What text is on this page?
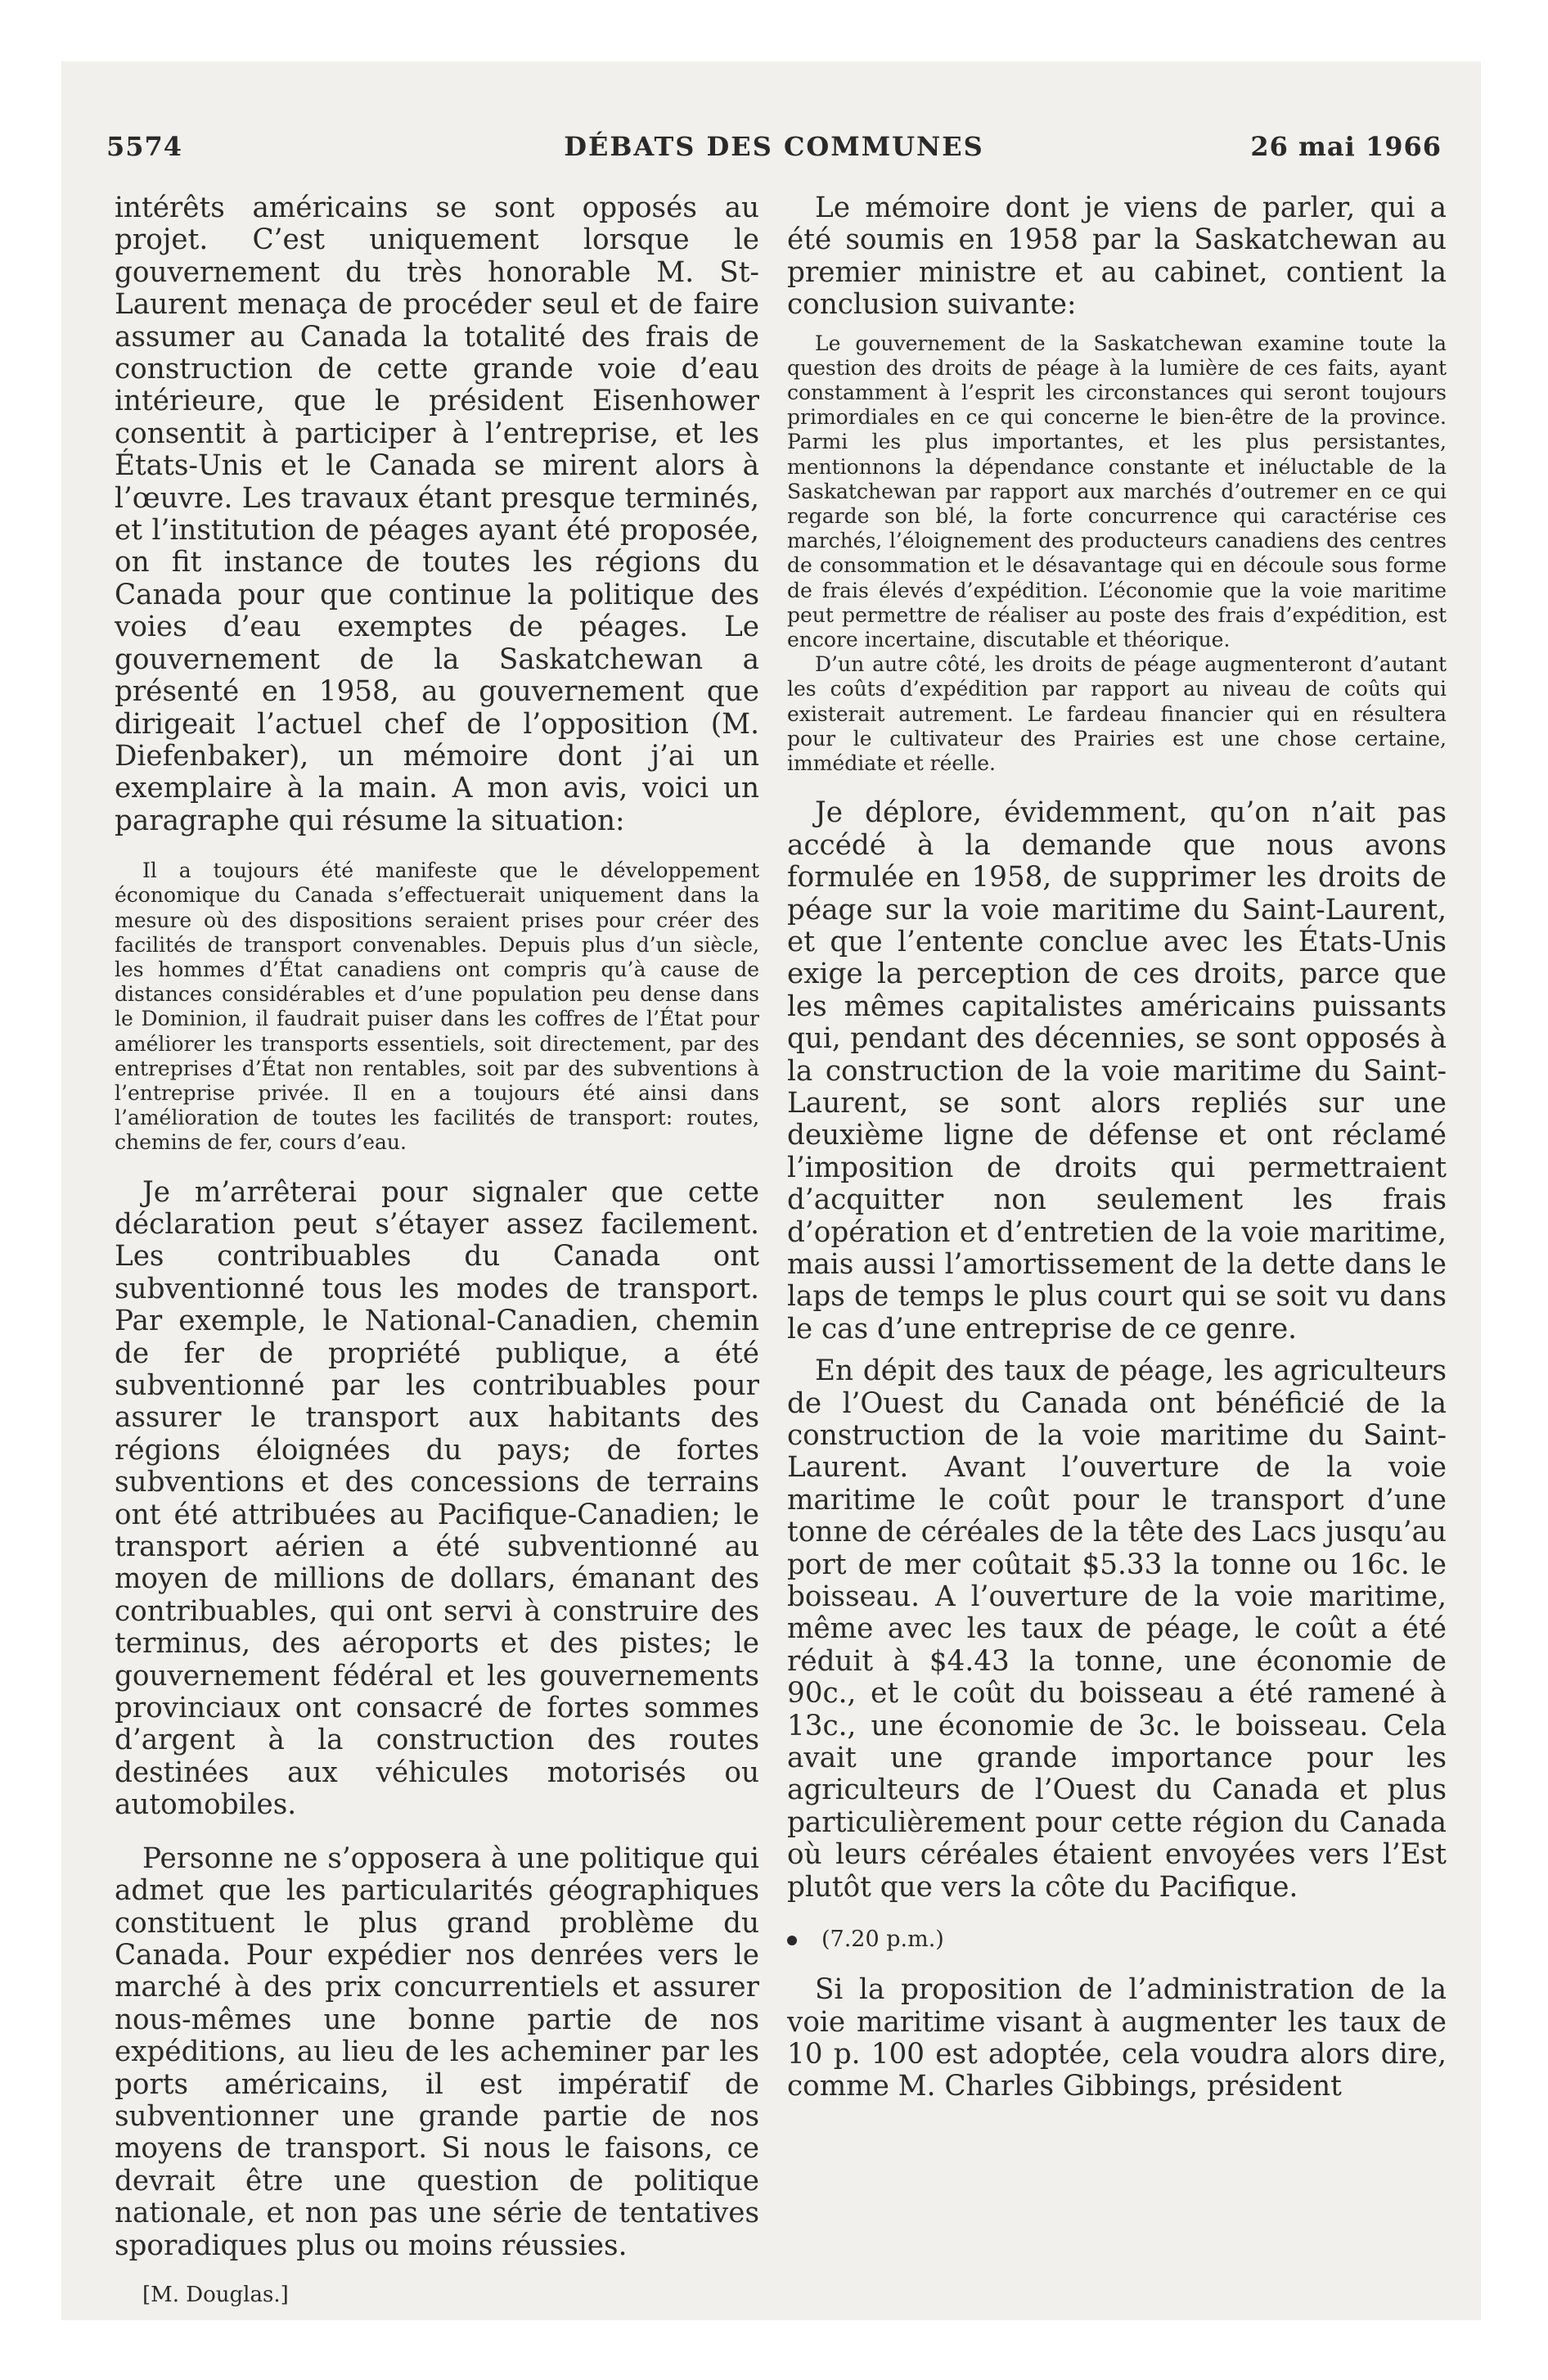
DÉBATS DES COMMUNES
5574	26 mai 1966

intérêts américains se sont opposés au projet. C’est uniquement lorsque le gouvernement du très honorable M. St-Laurent menaça de procéder seul et de faire assumer au Canada la totalité des frais de construction de cette grande voie d’eau intérieure, que le président Eisenhower consentit à participer à l’entreprise, et les États-Unis et le Canada se mirent alors à l’œuvre. Les travaux étant presque terminés, et l’institution de péages ayant été proposée, on fit instance de toutes les régions du Canada pour que continue la politique des voies d’eau exemptes de péages. Le gouvernement de la Saskatchewan a présenté en 1958, au gouvernement que dirigeait l’actuel chef de l’opposition (M. Diefenbaker), un mémoire dont j’ai un exemplaire à la main. A mon avis, voici un paragraphe qui résume la situation:

Il a toujours été manifeste que le développement économique du Canada s’effectuerait uniquement dans la mesure où des dispositions seraient prises pour créer des facilités de transport convenables. Depuis plus d’un siècle, les hommes d’État canadiens ont compris qu’à cause de distances considérables et d’une population peu dense dans le Dominion, il faudrait puiser dans les coffres de l’État pour améliorer les transports essentiels, soit directement, par des entreprises d’État non rentables, soit par des subventions à l’entreprise privée. Il en a toujours été ainsi dans l’amélioration de toutes les facilités de transport: routes, chemins de fer, cours d’eau.

Je m’arrêterai pour signaler que cette déclaration peut s’étayer assez facilement. Les contribuables du Canada ont subventionné tous les modes de transport. Par exemple, le National-Canadien, chemin de fer de propriété publique, a été subventionné par les contribuables pour assurer le transport aux habitants des régions éloignées du pays; de fortes subventions et des concessions de terrains ont été attribuées au Pacifique-Canadien; le transport aérien a été subventionné au moyen de millions de dollars, émanant des contribuables, qui ont servi à construire des terminus, des aéroports et des pistes; le gouvernement fédéral et les gouvernements provinciaux ont consacré de fortes sommes d’argent à la construction des routes destinées aux véhicules motorisés ou automobiles.

Personne ne s’opposera à une politique qui admet que les particularités géographiques constituent le plus grand problème du Canada. Pour expédier nos denrées vers le marché à des prix concurrentiels et assurer nous-mêmes une bonne partie de nos expéditions, au lieu de les acheminer par les ports américains, il est impératif de subventionner une grande partie de nos moyens de transport. Si nous le faisons, ce devrait être une question de politique nationale, et non pas une série de tentatives sporadiques plus ou moins réussies.

[M. Douglas.]

Le mémoire dont je viens de parler, qui a été soumis en 1958 par la Saskatchewan au premier ministre et au cabinet, contient la conclusion suivante:

Le gouvernement de la Saskatchewan examine toute la question des droits de péage à la lumière de ces faits, ayant constamment à l’esprit les circonstances qui seront toujours primordiales en ce qui concerne le bien-être de la province. Parmi les plus importantes, et les plus persistantes, mentionnons la dépendance constante et inéluctable de la Saskatchewan par rapport aux marchés d’outremer en ce qui regarde son blé, la forte concurrence qui caractérise ces marchés, l’éloignement des producteurs canadiens des centres de consommation et le désavantage qui en découle sous forme de frais élevés d’expédition. L’économie que la voie maritime peut permettre de réaliser au poste des frais d’expédition, est encore incertaine, discutable et théorique.

D’un autre côté, les droits de péage augmenteront d’autant les coûts d’expédition par rapport au niveau de coûts qui existerait autrement. Le fardeau financier qui en résultera pour le cultivateur des Prairies est une chose certaine, immédiate et réelle.

Je déplore, évidemment, qu’on n’ait pas accédé à la demande que nous avons formulée en 1958, de supprimer les droits de péage sur la voie maritime du Saint-Laurent, et que l’entente conclue avec les États-Unis exige la perception de ces droits, parce que les mêmes capitalistes américains puissants qui, pendant des décennies, se sont opposés à la construction de la voie maritime du Saint-Laurent, se sont alors repliés sur une deuxième ligne de défense et ont réclamé l’imposition de droits qui permettraient d’acquitter non seulement les frais d’opération et d’entretien de la voie maritime, mais aussi l’amortissement de la dette dans le laps de temps le plus court qui se soit vu dans le cas d’une entreprise de ce genre.

En dépit des taux de péage, les agriculteurs de l’Ouest du Canada ont bénéficié de la construction de la voie maritime du Saint-Laurent. Avant l’ouverture de la voie maritime le coût pour le transport d’une tonne de céréales de la tête des Lacs jusqu’au port de mer coûtait $5.33 la tonne ou 16c. le boisseau. A l’ouverture de la voie maritime, même avec les taux de péage, le coût a été réduit à $4.43 la tonne, une économie de 90c., et le coût du boisseau a été ramené à 13c., une économie de 3c. le boisseau. Cela avait une grande importance pour les agriculteurs de l’Ouest du Canada et plus particulièrement pour cette région du Canada où leurs céréales étaient envoyées vers l’Est plutôt que vers la côte du Pacifique.

(7.20 p.m.)

Si la proposition de l’administration de la voie maritime visant à augmenter les taux de 10 p. 100 est adoptée, cela voudra alors dire, comme M. Charles Gibbings, président
